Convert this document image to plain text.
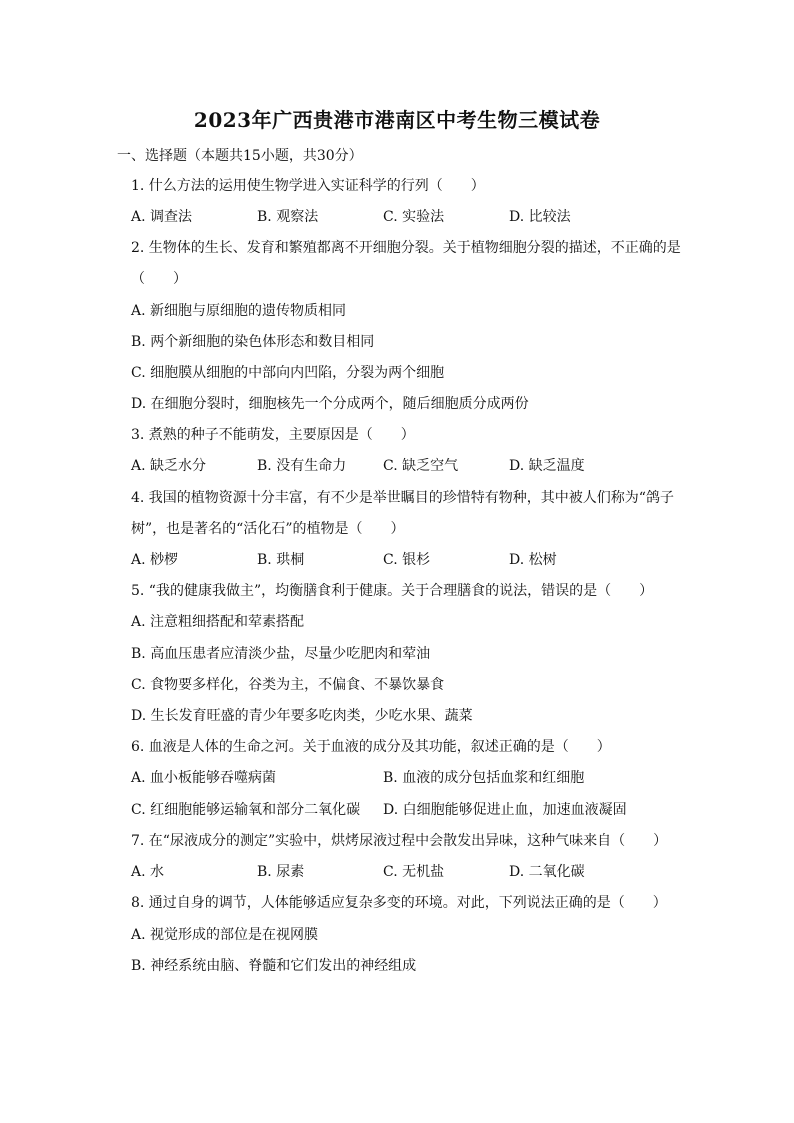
2023年广西贵港市港南区中考生物三模试卷
一、选择题（本题共15小题，共30分）
1. 什么方法的运用使生物学进入实证科学的行列（　　）
A. 调查法	B. 观察法	C. 实验法	D. 比较法
2. 生物体的生长、发育和繁殖都离不开细胞分裂。关于植物细胞分裂的描述，不正确的是
（　　）
A. 新细胞与原细胞的遗传物质相同
B. 两个新细胞的染色体形态和数目相同
C. 细胞膜从细胞的中部向内凹陷，分裂为两个细胞
D. 在细胞分裂时，细胞核先一个分成两个，随后细胞质分成两份
3. 煮熟的种子不能萌发，主要原因是（　　）
A. 缺乏水分	B. 没有生命力	C. 缺乏空气	D. 缺乏温度
4. 我国的植物资源十分丰富，有不少是举世瞩目的珍惜特有物种，其中被人们称为“鸽子
树”，也是著名的“活化石”的植物是（　　）
A. 桫椤	B. 珙桐	C. 银杉	D. 松树
5. “我的健康我做主”，均衡膳食利于健康。关于合理膳食的说法，错误的是（　　）
A. 注意粗细搭配和荤素搭配
B. 高血压患者应清淡少盐，尽量少吃肥肉和荤油
C. 食物要多样化，谷类为主，不偏食、不暴饮暴食
D. 生长发育旺盛的青少年要多吃肉类，少吃水果、蔬菜
6. 血液是人体的生命之河。关于血液的成分及其功能，叙述正确的是（　　）
A. 血小板能够吞噬病菌	B. 血液的成分包括血浆和红细胞
C. 红细胞能够运输氧和部分二氧化碳 D. 白细胞能够促进止血，加速血液凝固
7. 在“尿液成分的测定”实验中，烘烤尿液过程中会散发出异味，这种气味来自（　　）
A. 水	B. 尿素	C. 无机盐	D. 二氧化碳
8. 通过自身的调节，人体能够适应复杂多变的环境。对此，下列说法正确的是（　　）
A. 视觉形成的部位是在视网膜
B. 神经系统由脑、脊髓和它们发出的神经组成
